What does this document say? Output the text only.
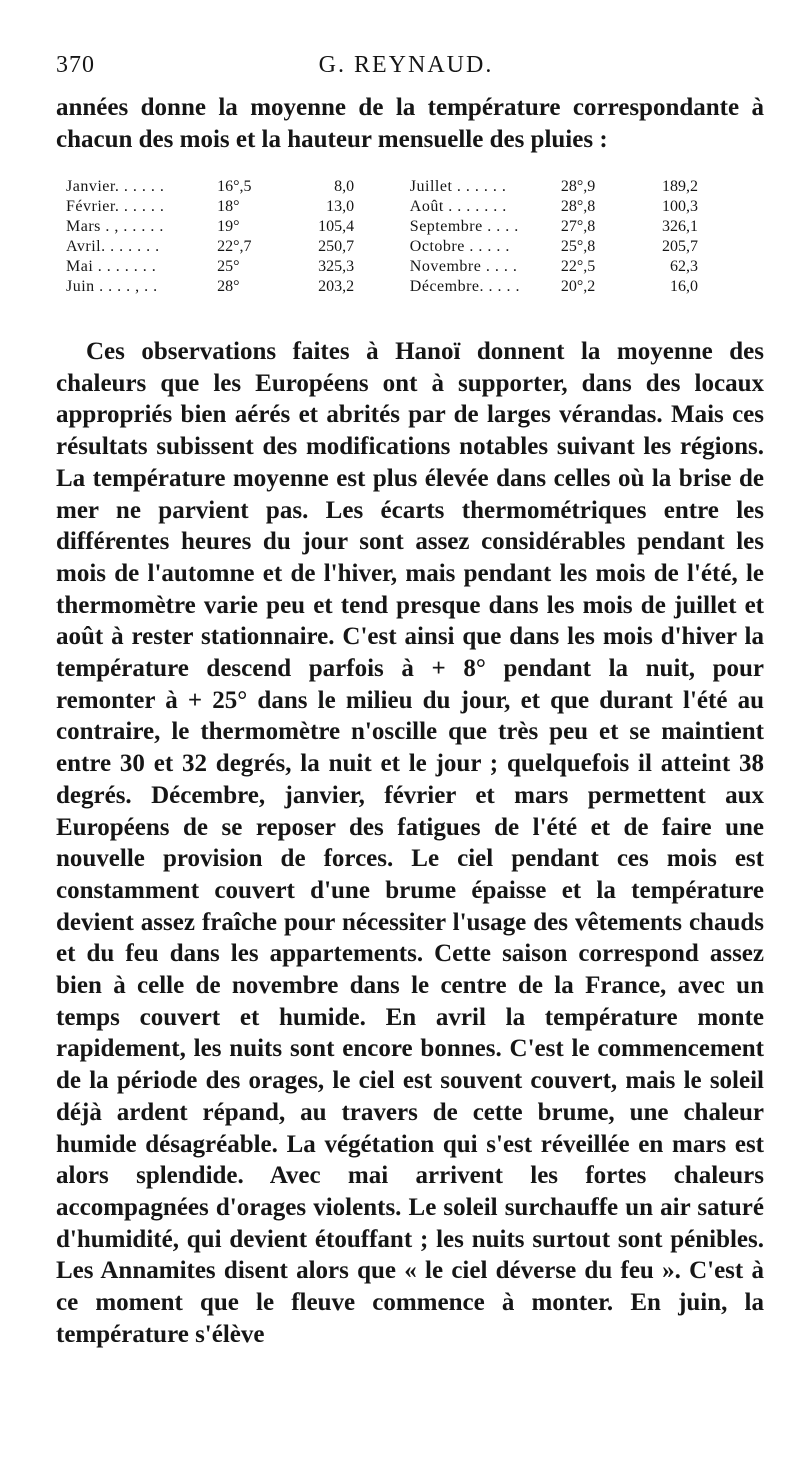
370	G. REYNAUD.

années donne la moyenne de la température correspondante à chacun des mois et la hauteur mensuelle des pluies :

Janvier. . . . . .	16°,5	8,0		Juillet . . . . . .	28°,9	189,2
Février. . . . . .	18°	13,0		Août . . . . . . .	28°,8	100,3
Mars . , . . . . .	19°	105,4		Septembre . . . .	27°,8	326,1
Avril. . . . . . .	22°,7	250,7		Octobre . . . . .	25°,8	205,7
Mai . . . . . . .	25°	325,3		Novembre . . . .	22°,5	62,3
Juin . . . . , . .	28°	203,2		Décembre. . . . .	20°,2	16,0

Ces observations faites à Hanoï donnent la moyenne des chaleurs que les Européens ont à supporter, dans des locaux appropriés bien aérés et abrités par de larges vérandas. Mais ces résultats subissent des modifications notables suivant les régions. La température moyenne est plus élevée dans celles où la brise de mer ne parvient pas. Les écarts thermométriques entre les différentes heures du jour sont assez considérables pendant les mois de l'automne et de l'hiver, mais pendant les mois de l'été, le thermomètre varie peu et tend presque dans les mois de juillet et août à rester stationnaire. C'est ainsi que dans les mois d'hiver la température descend parfois à + 8° pendant la nuit, pour remonter à + 25° dans le milieu du jour, et que durant l'été au contraire, le thermomètre n'oscille que très peu et se maintient entre 30 et 32 degrés, la nuit et le jour ; quelquefois il atteint 38 degrés. Décembre, janvier, février et mars permettent aux Européens de se reposer des fatigues de l'été et de faire une nouvelle provision de forces. Le ciel pendant ces mois est constamment couvert d'une brume épaisse et la température devient assez fraîche pour nécessiter l'usage des vêtements chauds et du feu dans les appartements. Cette saison correspond assez bien à celle de novembre dans le centre de la France, avec un temps couvert et humide. En avril la température monte rapidement, les nuits sont encore bonnes. C'est le commencement de la période des orages, le ciel est souvent couvert, mais le soleil déjà ardent répand, au travers de cette brume, une chaleur humide désagréable. La végétation qui s'est réveillée en mars est alors splendide. Avec mai arrivent les fortes chaleurs accompagnées d'orages violents. Le soleil surchauffe un air saturé d'humidité, qui devient étouffant ; les nuits surtout sont pénibles. Les Annamites disent alors que « le ciel déverse du feu ». C'est à ce moment que le fleuve commence à monter. En juin, la température s'élève
